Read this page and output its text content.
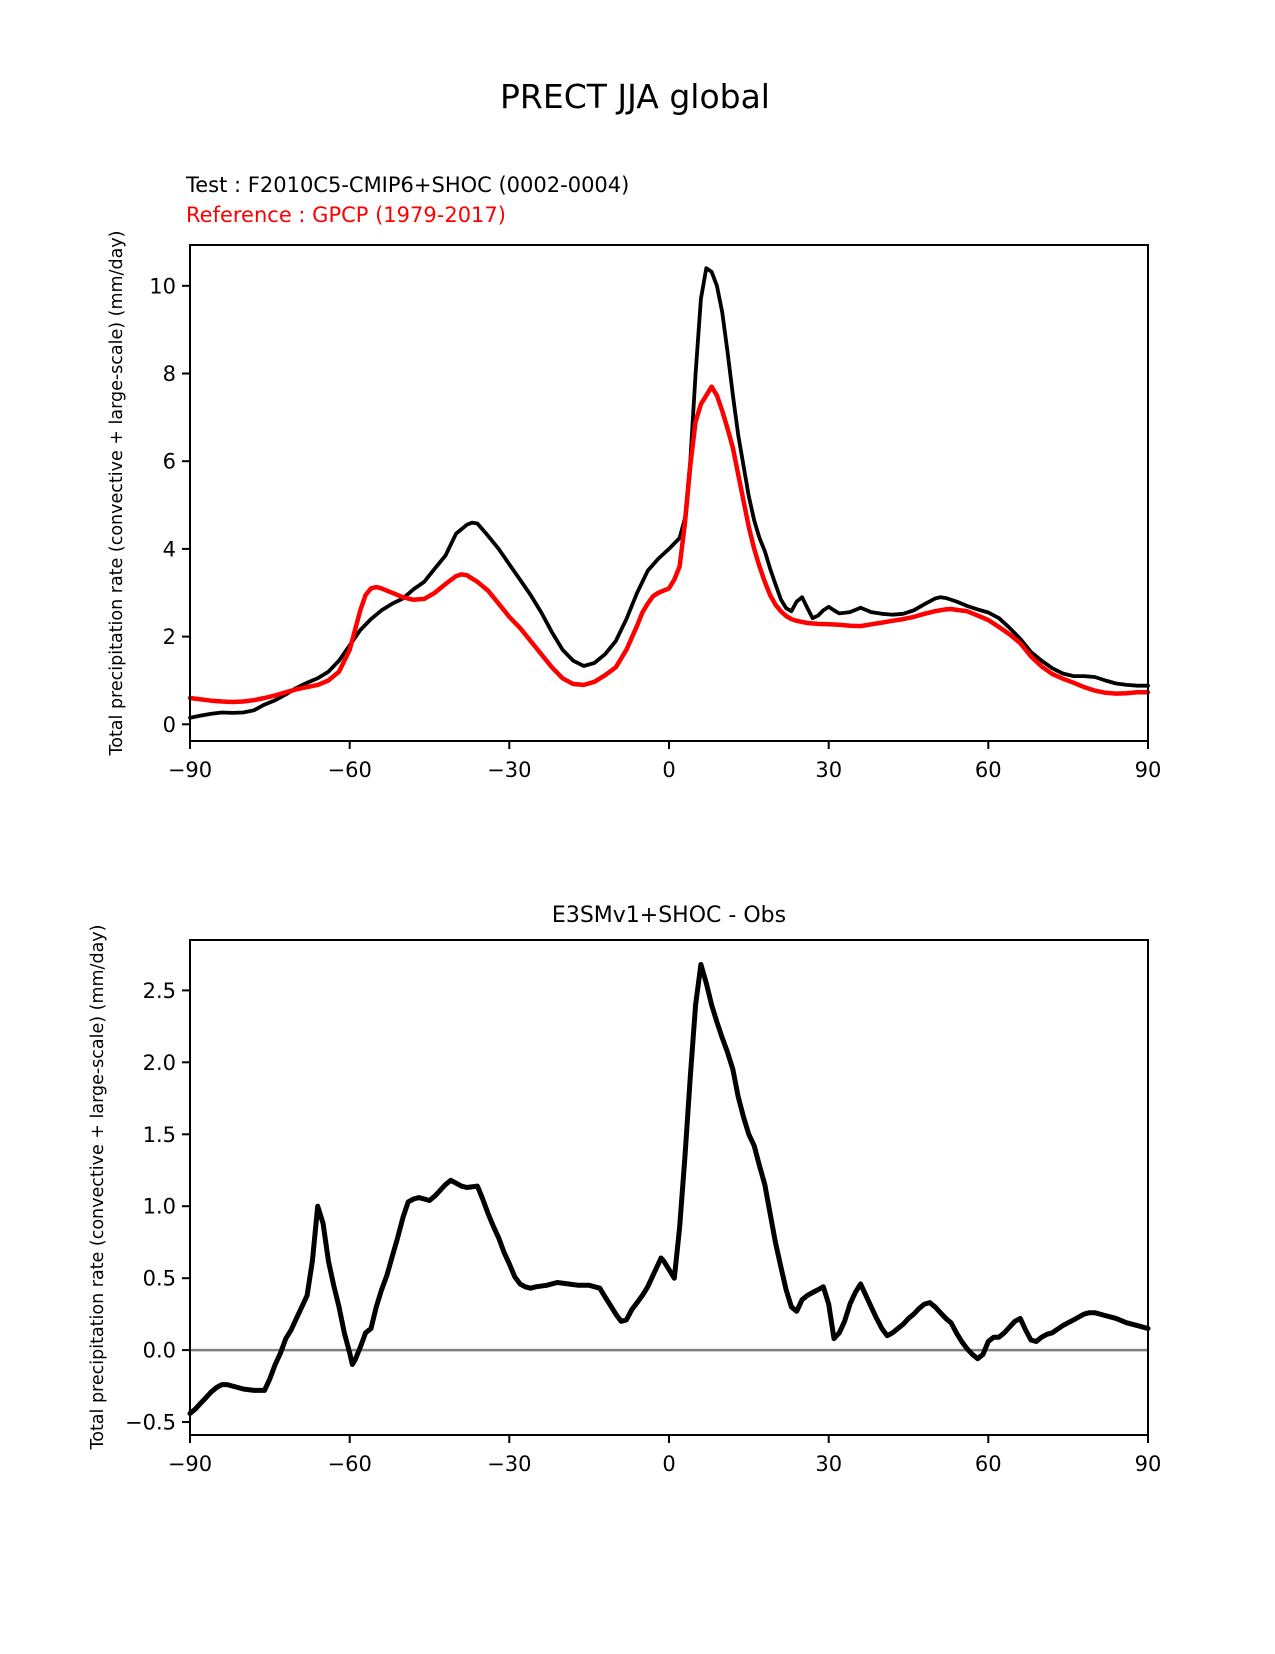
PRECT JJA global
Test : F2010C5-CMIP6+SHOC (0002-0004)
Reference : GPCP (1979-2017)
Total precipitation rate (convective + large-scale) (mm/day)
−90	−60	−30	0	30	60	90
0
2
4
6
8
10
E3SMv1+SHOC - Obs
Total precipitation rate (convective + large-scale) (mm/day)
−90	−60	−30	0	30	60	90
−0.5
0.0
0.5
1.0
1.5
2.0
2.5
